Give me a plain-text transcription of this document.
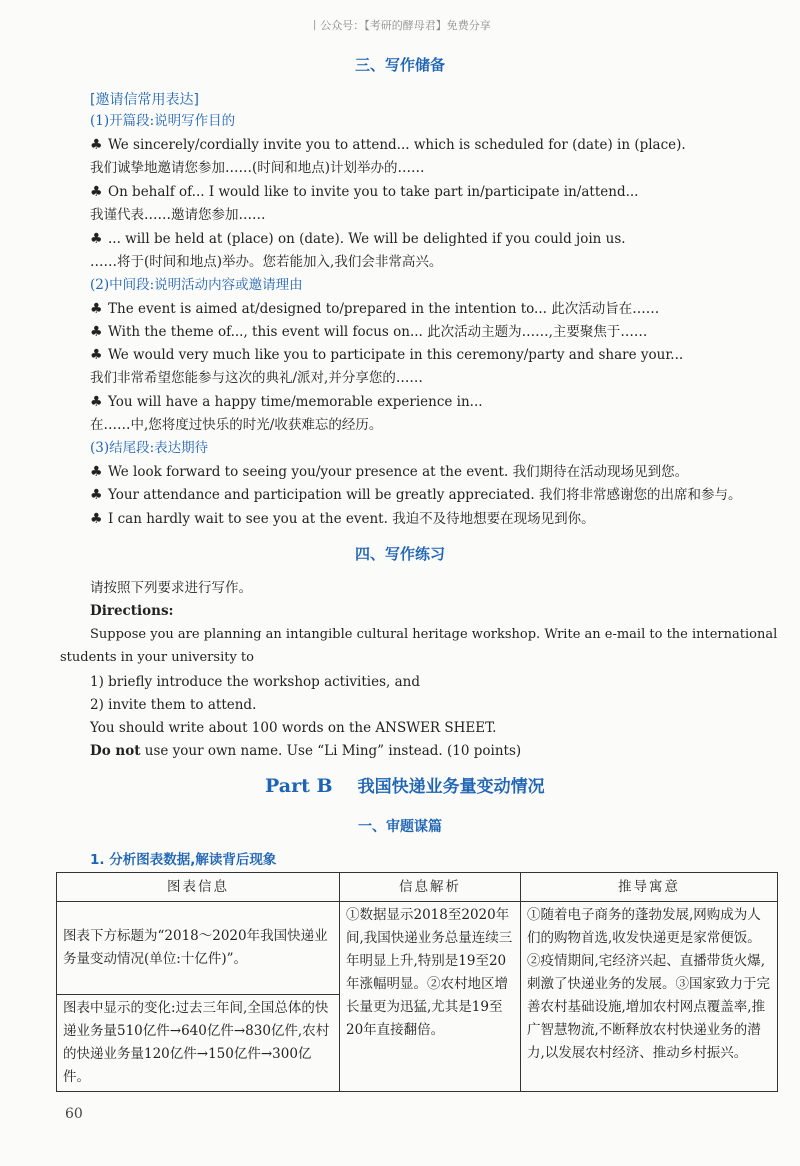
丨公众号：【考研的酵母君】免费分享
三、写作储备
[邀请信常用表达]
(1)开篇段:说明写作目的
♣ We sincerely/cordially invite you to attend... which is scheduled for (date) in (place).
我们诚挚地邀请您参加……(时间和地点)计划举办的……
♣ On behalf of... I would like to invite you to take part in/participate in/attend...
我谨代表……邀请您参加……
♣ ... will be held at (place) on (date). We will be delighted if you could join us.
……将于(时间和地点)举办。您若能加入,我们会非常高兴。
(2)中间段:说明活动内容或邀请理由
♣ The event is aimed at/designed to/prepared in the intention to... 此次活动旨在……
♣ With the theme of..., this event will focus on... 此次活动主题为……,主要聚焦于……
♣ We would very much like you to participate in this ceremony/party and share your...
我们非常希望您能参与这次的典礼/派对,并分享您的……
♣ You will have a happy time/memorable experience in...
在……中,您将度过快乐的时光/收获难忘的经历。
(3)结尾段:表达期待
♣ We look forward to seeing you/your presence at the event. 我们期待在活动现场见到您。
♣ Your attendance and participation will be greatly appreciated. 我们将非常感谢您的出席和参与。
♣ I can hardly wait to see you at the event. 我迫不及待地想要在现场见到你。
四、写作练习
请按照下列要求进行写作。
Directions:
Suppose you are planning an intangible cultural heritage workshop. Write an e-mail to the international
students in your university to
1) briefly introduce the workshop activities, and
2) invite them to attend.
You should write about 100 words on the ANSWER SHEET.
Do not use your own name. Use “Li Ming” instead. (10 points)
Part B 我国快递业务量变动情况
一、审题谋篇
1. 分析图表数据,解读背后现象
图表信息	信息解析	推导寓意
图表下方标题为“2018～2020年我国快递业务量变动情况(单位:十亿件)”。	①数据显示2018至2020年间,我国快递业务总量连续三年明显上升,特别是19至20年涨幅明显。②农村地区增长量更为迅猛,尤其是19至20年直接翻倍。	①随着电子商务的蓬勃发展,网购成为人们的购物首选,收发快递更是家常便饭。②疫情期间,宅经济兴起、直播带货火爆,刺激了快递业务的发展。③国家致力于完善农村基础设施,增加农村网点覆盖率,推广智慧物流,不断释放农村快递业务的潜力,以发展农村经济、推动乡村振兴。
图表中显示的变化:过去三年间,全国总体的快递业务量510亿件→640亿件→830亿件,农村的快递业务量120亿件→150亿件→300亿件。		
60
